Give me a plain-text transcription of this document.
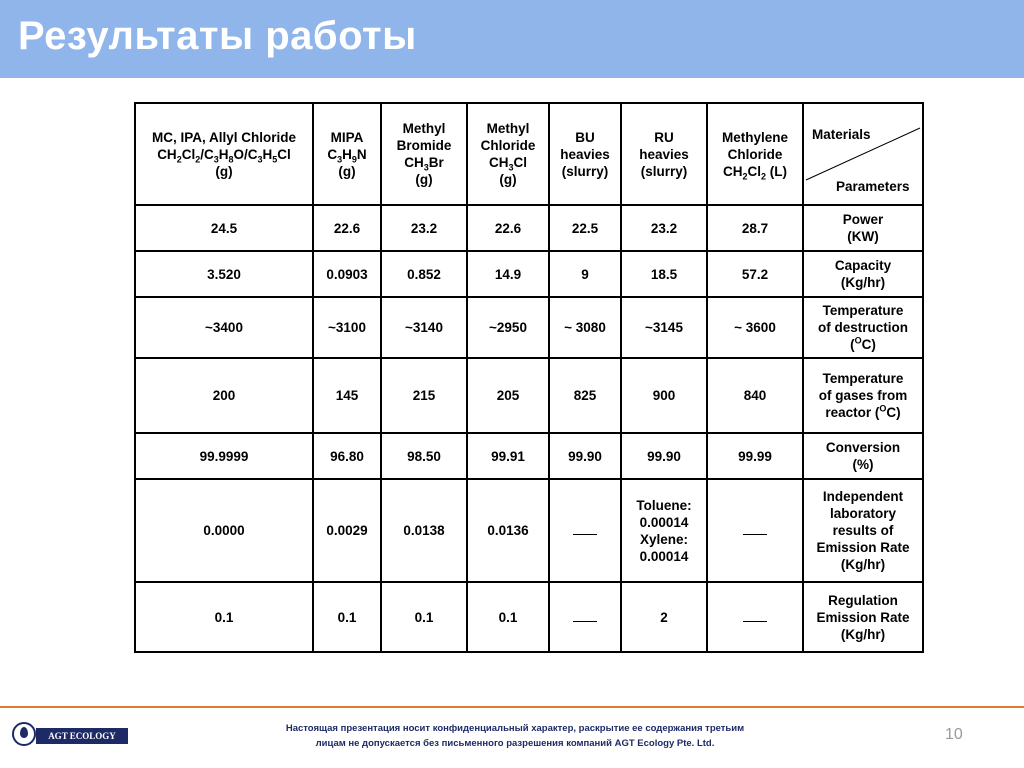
Результаты работы
MC, IPA, Allyl Chloride
$CH_2Cl_2/C_3H_8O/C_3H_5Cl$
(g)	MIPA
$C_3H_9N$
(g)	Methyl
Bromide
$CH_3Br$
(g)	Methyl
Chloride
$CH_3Cl$
(g)	BU
heavies
(slurry)	RU
heavies
(slurry)	Methylene
Chloride
$CH_2Cl_2$ (L)	Materials
Parameters

24.5	22.6	23.2	22.6	22.5	23.2	28.7	Power
(KW)

3.520	0.0903	0.852	14.9	9	18.5	57.2	Capacity
(Kg/hr)

~3400	~3100	~3140	~2950	~ 3080	~3145	~ 3600	Temperature
of destruction
($^O$C)

200	145	215	205	825	900	840	Temperature
of gases from
reactor ($^O$C)

99.9999	96.80	98.50	99.91	99.90	99.90	99.99	Conversion
(%)

0.0000	0.0029	0.0138	0.0136		Toluene:
0.00014
Xylene:
0.00014		Independent
laboratory
results of
Emission Rate
(Kg/hr)

0.1	0.1	0.1	0.1		2		Regulation
Emission Rate
(Kg/hr)
AGT ECOLOGY
Настоящая презентация носит конфиденциальный характер, раскрытие ее содержания третьим
лицам не допускается без письменного разрешения компаний AGT Ecology Pte. Ltd.
10
